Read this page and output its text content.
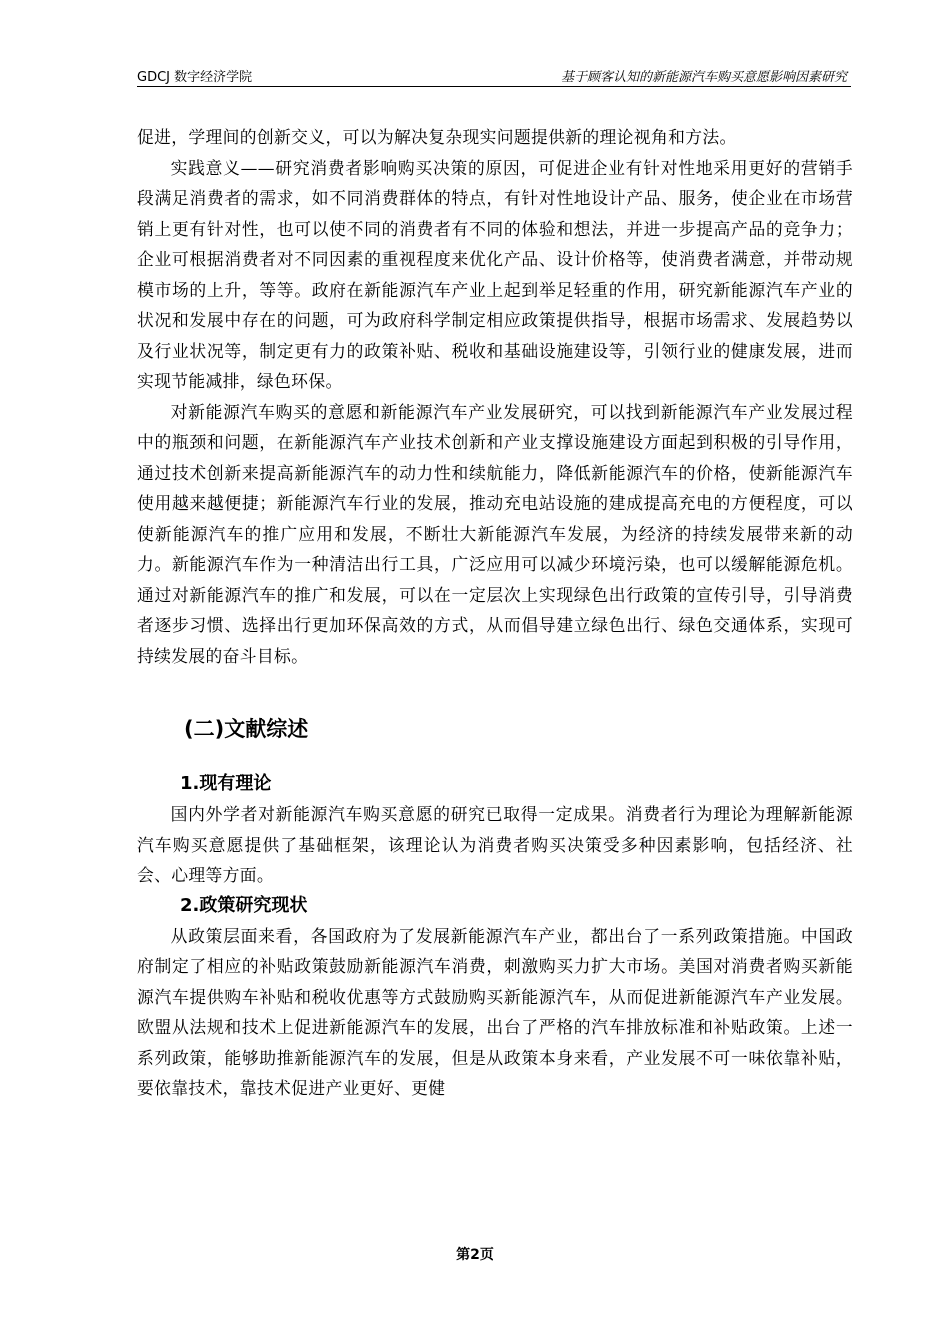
GDCJ 数字经济学院	基于顾客认知的新能源汽车购买意愿影响因素研究

促进，学理间的创新交义，可以为解决复杂现实问题提供新的理论视角和方法。

实践意义——研究消费者影响购买决策的原因，可促进企业有针对性地采用更好的营销手段满足消费者的需求，如不同消费群体的特点，有针对性地设计产品、服务，使企业在市场营销上更有针对性，也可以使不同的消费者有不同的体验和想法，并进一步提高产品的竞争力；企业可根据消费者对不同因素的重视程度来优化产品、设计价格等，使消费者满意，并带动规模市场的上升，等等。政府在新能源汽车产业上起到举足轻重的作用，研究新能源汽车产业的状况和发展中存在的问题，可为政府科学制定相应政策提供指导，根据市场需求、发展趋势以及行业状况等，制定更有力的政策补贴、税收和基础设施建设等，引领行业的健康发展，进而实现节能减排，绿色环保。

对新能源汽车购买的意愿和新能源汽车产业发展研究，可以找到新能源汽车产业发展过程中的瓶颈和问题，在新能源汽车产业技术创新和产业支撑设施建设方面起到积极的引导作用，通过技术创新来提高新能源汽车的动力性和续航能力，降低新能源汽车的价格，使新能源汽车使用越来越便捷；新能源汽车行业的发展，推动充电站设施的建成提高充电的方便程度，可以使新能源汽车的推广应用和发展，不断壮大新能源汽车发展，为经济的持续发展带来新的动力。新能源汽车作为一种清洁出行工具，广泛应用可以减少环境污染，也可以缓解能源危机。通过对新能源汽车的推广和发展，可以在一定层次上实现绿色出行政策的宣传引导，引导消费者逐步习惯、选择出行更加环保高效的方式，从而倡导建立绿色出行、绿色交通体系，实现可持续发展的奋斗目标。

(二)文献综述
1.现有理论

国内外学者对新能源汽车购买意愿的研究已取得一定成果。消费者行为理论为理解新能源汽车购买意愿提供了基础框架，该理论认为消费者购买决策受多种因素影响，包括经济、社会、心理等方面。

2.政策研究现状

从政策层面来看，各国政府为了发展新能源汽车产业，都出台了一系列政策措施。中国政府制定了相应的补贴政策鼓励新能源汽车消费，刺激购买力扩大市场。美国对消费者购买新能源汽车提供购车补贴和税收优惠等方式鼓励购买新能源汽车，从而促进新能源汽车产业发展。欧盟从法规和技术上促进新能源汽车的发展，出台了严格的汽车排放标准和补贴政策。上述一系列政策，能够助推新能源汽车的发展，但是从政策本身来看，产业发展不可一味依靠补贴，要依靠技术，靠技术促进产业更好、更健

第2页
